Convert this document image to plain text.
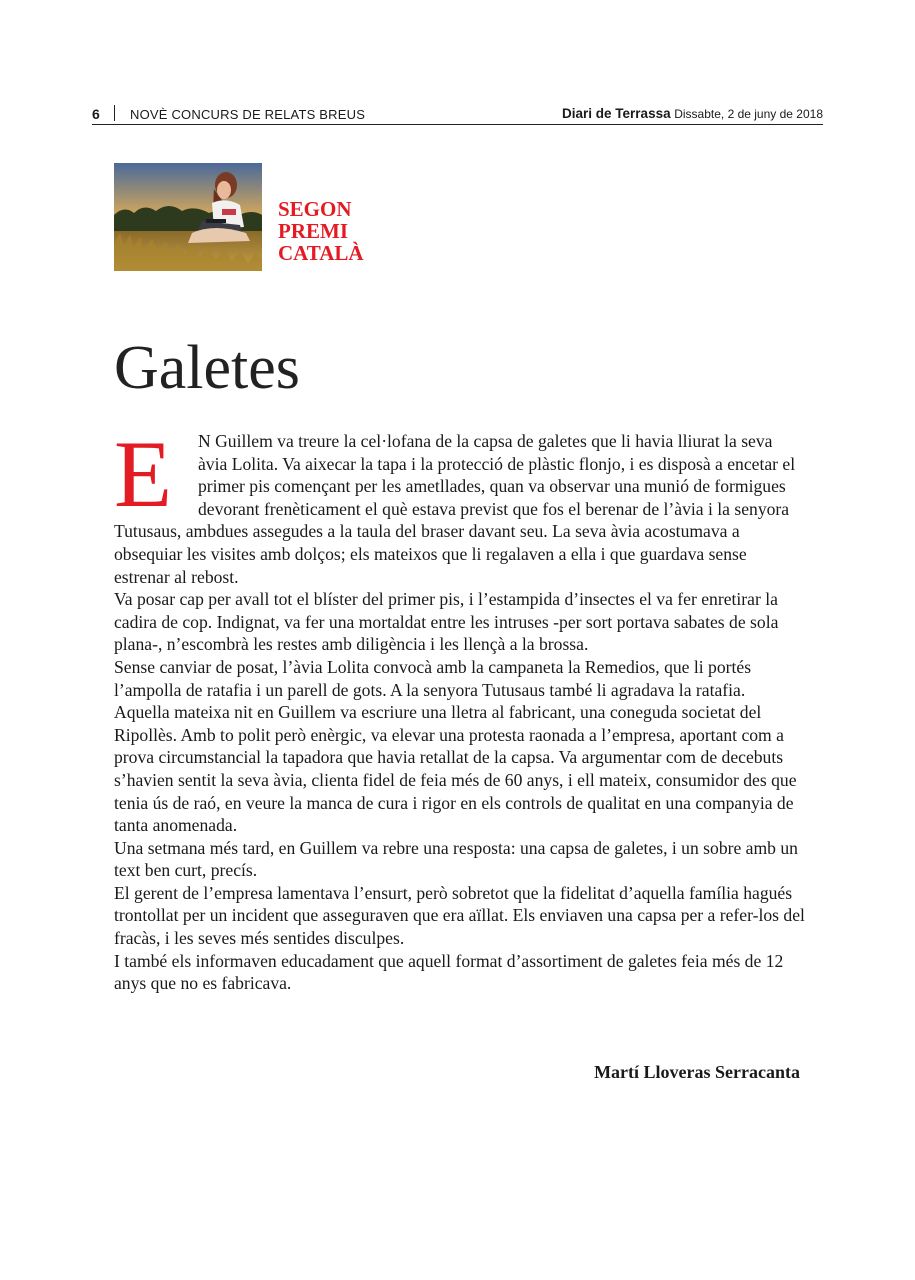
6 NOVÈ CONCURS DE RELATS BREUS	Diari de Terrassa Dissabte, 2 de juny de 2018
SEGON
PREMI
CATALÀ
Galetes
E	N Guillem va treure la cel·lofana de la capsa de galetes que li havia lliurat la seva àvia Lolita. Va aixecar la tapa i la protecció de plàstic flonjo, i es disposà a encetar el primer pis començant per les ametllades, quan va observar una munió de formigues devorant frenèticament el què estava previst que fos el berenar de l’àvia i la senyora Tutusaus, ambdues assegudes a la taula del braser davant seu. La seva àvia acostumava a obsequiar les visites amb dolços; els mateixos que li regalaven a ella i que guardava sense estrenar al rebost.

Va posar cap per avall tot el blíster del primer pis, i l’estampida d’insectes el va fer enretirar la cadira de cop. Indignat, va fer una mortaldat entre les intruses -per sort portava sabates de sola plana-, n’escombrà les restes amb diligència i les llençà a la brossa.

Sense canviar de posat, l’àvia Lolita convocà amb la campaneta la Remedios, que li portés l’ampolla de ratafia i un parell de gots. A la senyora Tutusaus també li agradava la ratafia.

Aquella mateixa nit en Guillem va escriure una lletra al fabricant, una coneguda societat del Ripollès. Amb to polit però enèrgic, va elevar una protesta raonada a l’empresa, aportant com a prova circumstancial la tapadora que havia retallat de la capsa. Va argumentar com de decebuts s’havien sentit la seva àvia, clienta fidel de feia més de 60 anys, i ell mateix, consumidor des que tenia ús de raó, en veure la manca de cura i rigor en els controls de qualitat en una companyia de tanta anomenada.

Una setmana més tard, en Guillem va rebre una resposta: una capsa de galetes, i un sobre amb un text ben curt, precís.

El gerent de l’empresa lamentava l’ensurt, però sobretot que la fidelitat d’aquella família hagués trontollat per un incident que asseguraven que era aïllat. Els enviaven una capsa per a refer-los del fracàs, i les seves més sentides disculpes.

I també els informaven educadament que aquell format d’assortiment de galetes feia més de 12 anys que no es fabricava.

Martí Lloveras Serracanta
